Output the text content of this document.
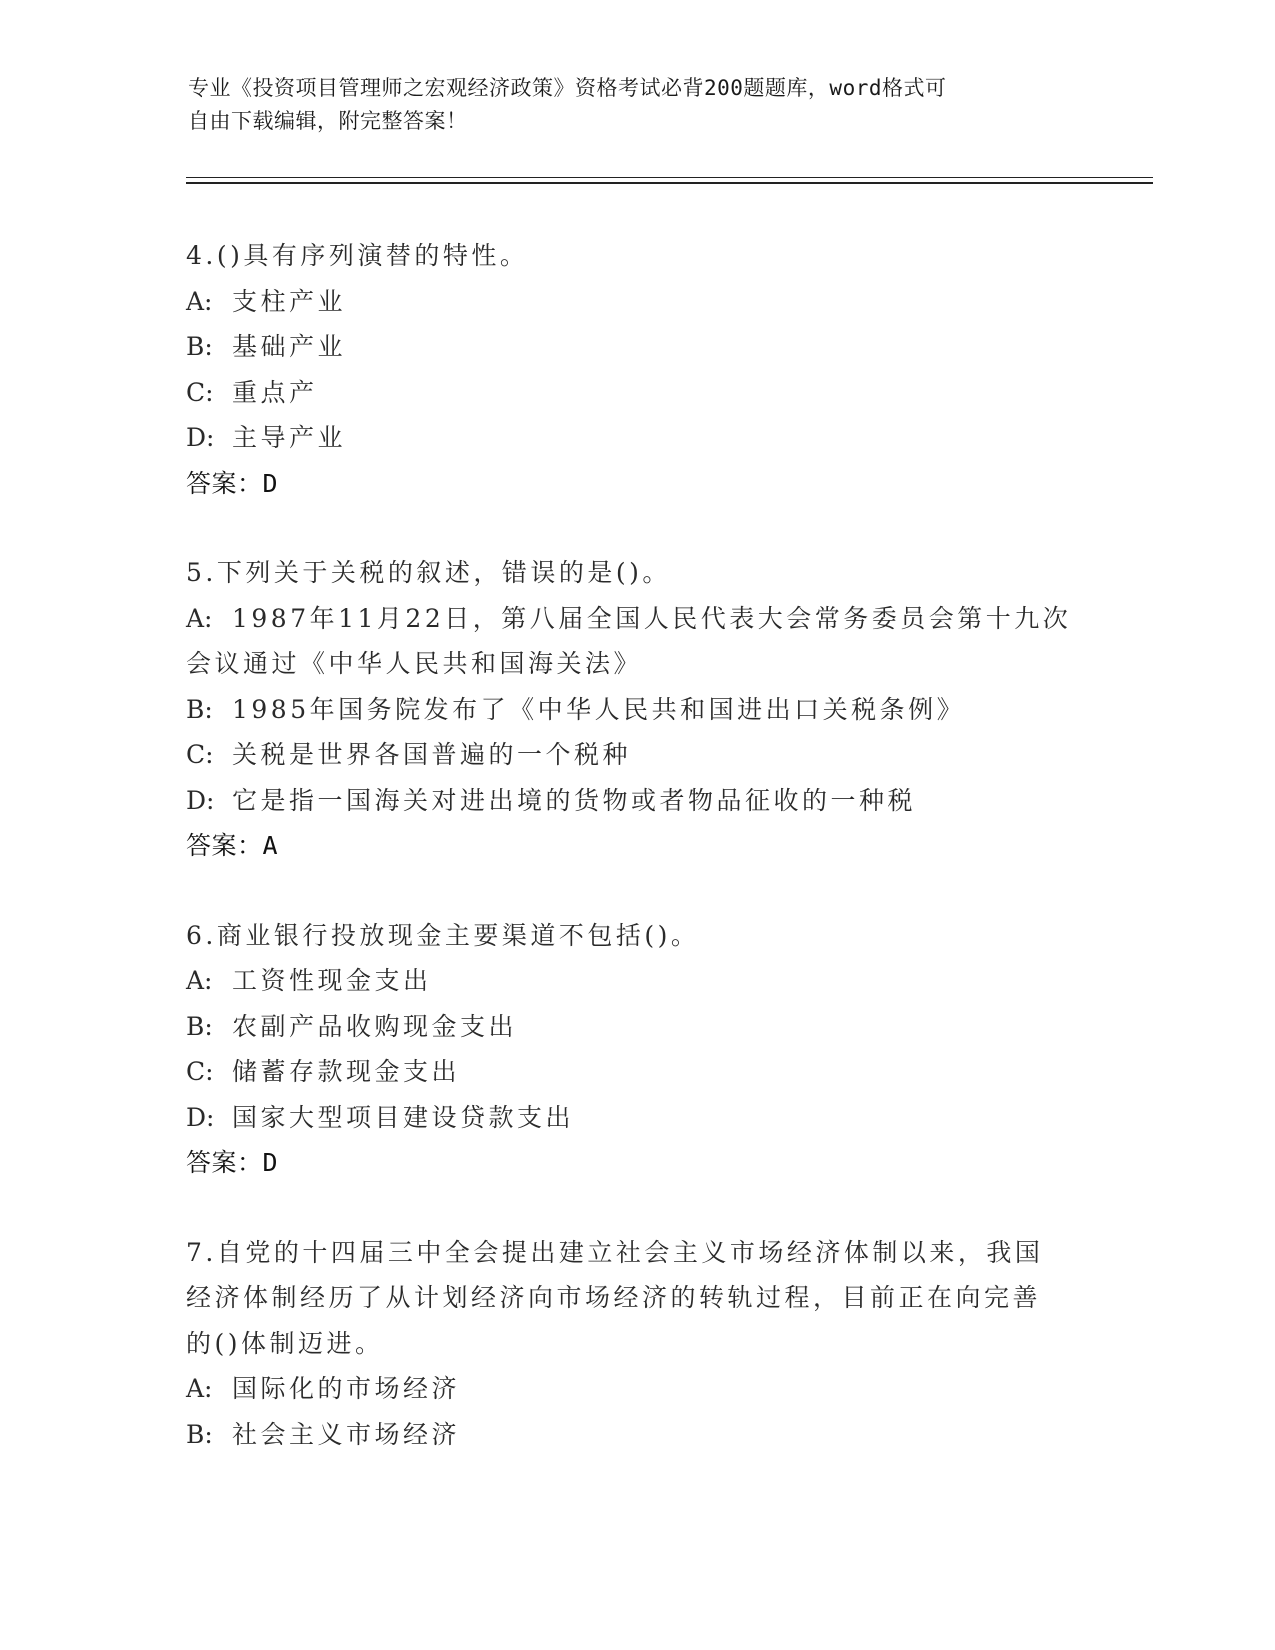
专业《投资项目管理师之宏观经济政策》资格考试必背200题题库，word格式可
自由下载编辑，附完整答案！
4.()具有序列演替的特性。
A: 支柱产业
B: 基础产业
C: 重点产
D: 主导产业
答案：D
5.下列关于关税的叙述，错误的是()。
A: 1987年11月22日，第八届全国人民代表大会常务委员会第十九次
会议通过《中华人民共和国海关法》
B: 1985年国务院发布了《中华人民共和国进出口关税条例》
C: 关税是世界各国普遍的一个税种
D: 它是指一国海关对进出境的货物或者物品征收的一种税
答案：A
6.商业银行投放现金主要渠道不包括()。
A: 工资性现金支出
B: 农副产品收购现金支出
C: 储蓄存款现金支出
D: 国家大型项目建设贷款支出
答案：D
7.自党的十四届三中全会提出建立社会主义市场经济体制以来，我国
经济体制经历了从计划经济向市场经济的转轨过程，目前正在向完善
的()体制迈进。
A: 国际化的市场经济
B: 社会主义市场经济
